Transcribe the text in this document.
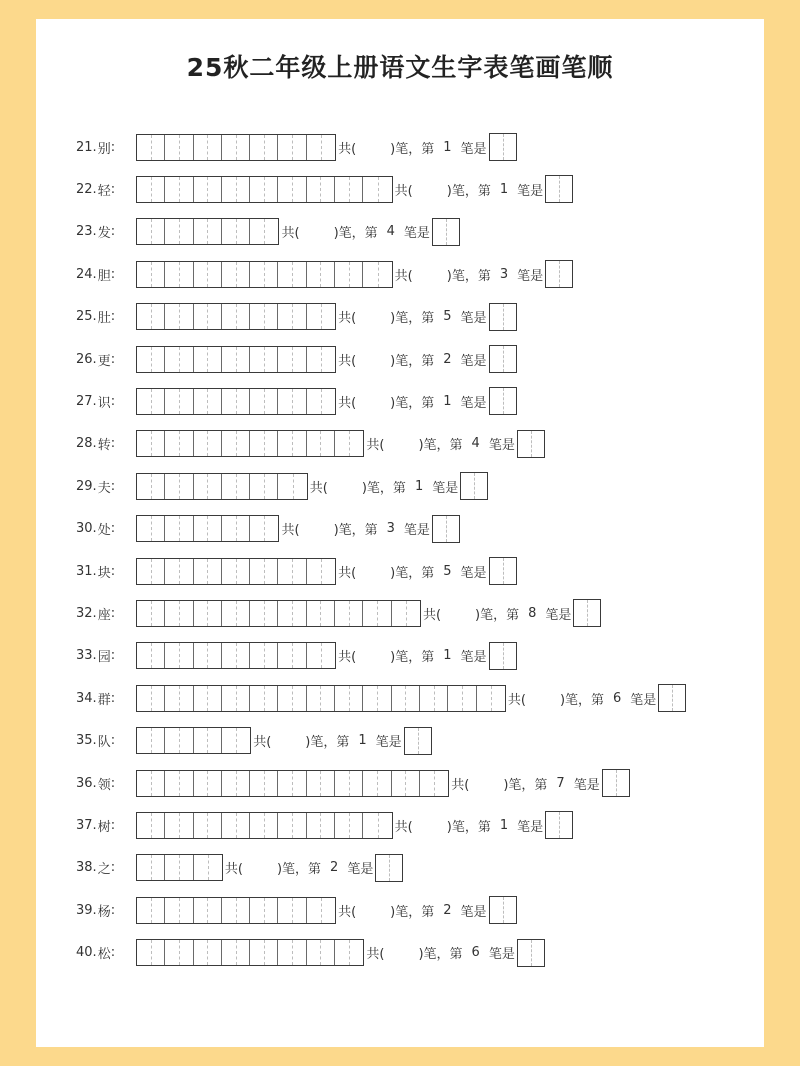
25秋二年级上册语文生字表笔画笔顺
21. 别 :	共(	)笔，第 1 笔是
22. 轻 :	共(	)笔，第 1 笔是
23. 发 :	共(	)笔，第 4 笔是
24. 胆 :	共(	)笔，第 3 笔是
25. 肚 :	共(	)笔，第 5 笔是
26. 更 :	共(	)笔，第 2 笔是
27. 识 :	共(	)笔，第 1 笔是
28. 转 :	共(	)笔，第 4 笔是
29. 夫 :	共(	)笔，第 1 笔是
30. 处 :	共(	)笔，第 3 笔是
31. 块 :	共(	)笔，第 5 笔是
32. 座 :	共(	)笔，第 8 笔是
33. 园 :	共(	)笔，第 1 笔是
34. 群 :	共(	)笔，第 6 笔是
35. 队 :	共(	)笔，第 1 笔是
36. 领 :	共(	)笔，第 7 笔是
37. 树 :	共(	)笔，第 1 笔是
38. 之 :	共(	)笔，第 2 笔是
39. 杨 :	共(	)笔，第 2 笔是
40. 松 :	共(	)笔，第 6 笔是
